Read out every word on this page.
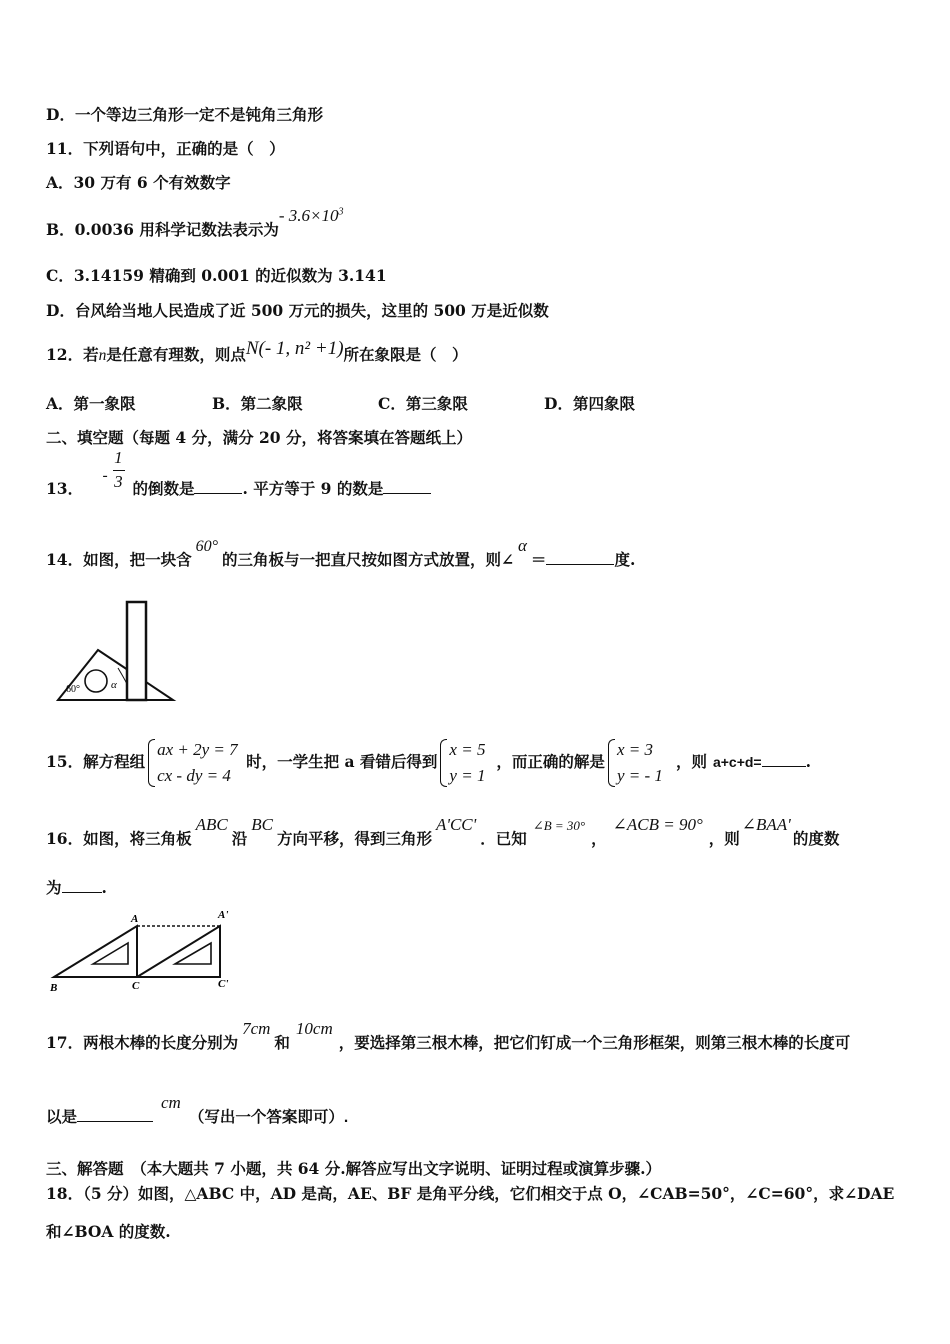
D．一个等边三角形一定不是钝角三角形
11．下列语句中，正确的是（　）
A．30 万有 6 个有效数字
B．0.0036 用科学记数法表示为- $3.6\times 10^3$
C．3.14159 精确到 0.001 的近似数为 3.141
D．台风给当地人民造成了近 500 万元的损失，这里的 500 万是近似数
12．若n是任意有理数，则点N(- 1, n² +1)所在象限是（　）
A．第一象限	B．第二象限	C．第三象限	D．第四象限
二、填空题（每题 4 分，满分 20 分，将答案填在答题纸上）
13． -
$\frac{1}{3}$ 的倒数是	. 平方等于 9 的数是
14．如图，把一块含60°的三角板与一把直尺按如图方式放置，则∠α＝	度.
60°	α
15．解方程组
ax + 2y = 7
cx - dy = 4
时，一学生把 a 看错后得到
x = 5
y = 1
，而正确的解是
x = 3
y = - 1
，则 a+c+d=	.
16．如图，将三角板ABC沿BC方向平移，得到三角形A'CC'．已知$^{\angle B = 30^\circ}$，∠ACB = 90°，则∠BAA'的度数
为	.
A	A'
B	C	C'
17．两根木棒的长度分别为7cm和10cm，要选择第三根木棒，把它们钉成一个三角形框架，则第三根木棒的长度可
以是cm（写出一个答案即可）.
三、解答题　（本大题共 7 小题，共 64 分.解答应写出文字说明、证明过程或演算步骤.）
18．（5 分）如图，△ABC 中，AD 是高，AE、BF 是角平分线，它们相交于点 O，∠CAB=50°，∠C=60°，求∠DAE
和∠BOA 的度数.
